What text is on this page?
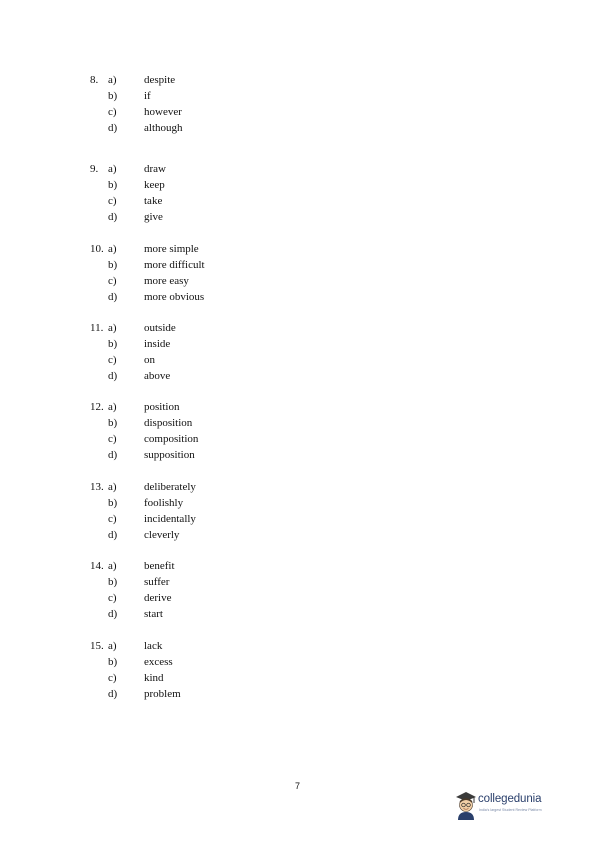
8. a)	despite
b)	if
c)	however
d)	although
9. a)	draw
b)	keep
c)	take
d)	give
10. a)	more simple
b)	more difficult
c)	more easy
d)	more obvious
11. a)	outside
b)	inside
c)	on
d)	above
12. a)	position
b)	disposition
c)	composition
d)	supposition
13. a)	deliberately
b)	foolishly
c)	incidentally
d)	cleverly
14. a)	benefit
b)	suffer
c)	derive
d)	start
15. a)	lack
b)	excess
c)	kind
d)	problem
7
collegedunia
India's largest Student Review Platform
